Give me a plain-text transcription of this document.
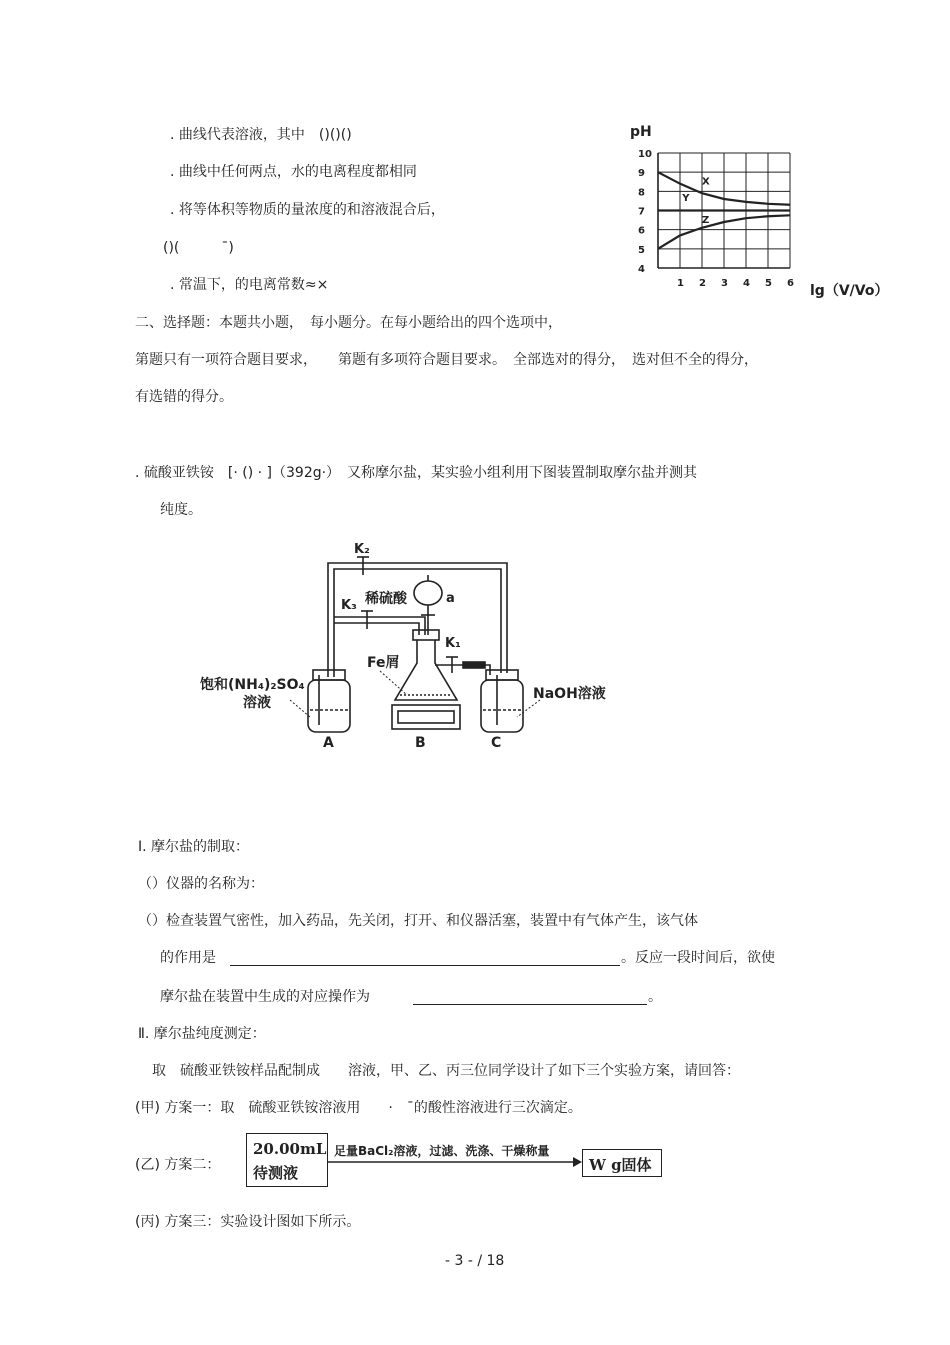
. 曲线代表溶液，其中　()()()
. 曲线中任何两点，水的电离程度都相同
. 将等体积等物质的量浓度的和溶液混合后，
()(　　　¯)
. 常温下，的电离常数≈×
pH
4
5
6
7
8
9
10
1 2 3 4 5 6
X
Y
Z
lg（V/Vo）
二、选择题：本题共小题，　每小题分。在每小题给出的四个选项中，
第题只有一项符合题目要求，　　第题有多项符合题目要求。　全部选对的得分，　选对但不全的得分，
有选错的得分。
. 硫酸亚铁铵　[· () · ]（392g·）　又称摩尔盐，某实验小组利用下图装置制取摩尔盐并测其
纯度。
K₂
K₃ 稀硫酸	a
K₁
Fe屑
饱和(NH₄)₂SO₄
溶液
NaOH溶液
A	B	C
Ⅰ. 摩尔盐的制取：
（）仪器的名称为：
（）检查装置气密性，加入药品，先关闭，打开、和仪器活塞，装置中有气体产生，该气体
的作用是	。反应一段时间后，欲使
摩尔盐在装置中生成的对应操作为	。
Ⅱ. 摩尔盐纯度测定：
取　硫酸亚铁铵样品配制成　　溶液，甲、乙、丙三位同学设计了如下三个实验方案，请回答：
(甲) 方案一：取　硫酸亚铁铵溶液用　　·　¯的酸性溶液进行三次滴定。
(乙) 方案二：
20.00mL
待测液
足量BaCl₂溶液，过滤、洗涤、干燥称量
W g固体
(丙) 方案三：实验设计图如下所示。
- 3 - / 18
